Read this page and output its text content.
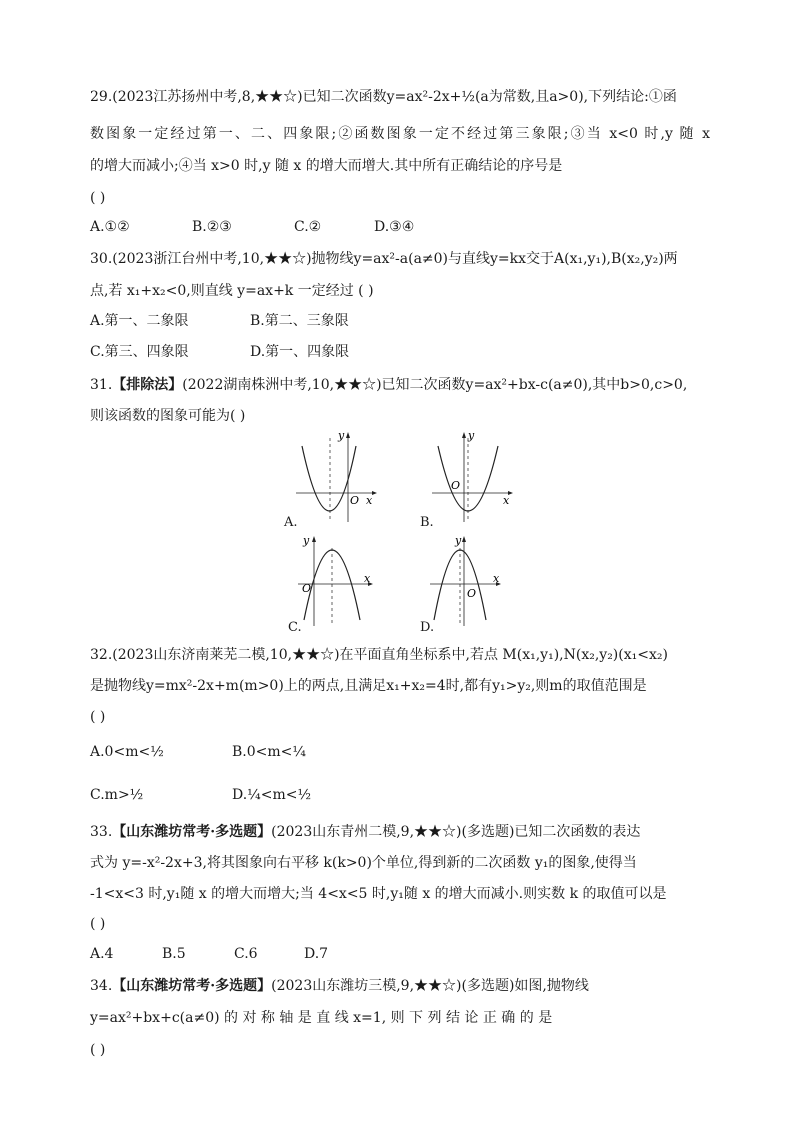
29.(2023江苏扬州中考,8,★★☆)已知二次函数y=ax²-2x+½(a为常数,且a>0),下列结论:①函
数图象一定经过第一、二、四象限;②函数图象一定不经过第三象限;③当 x<0 时,y 随 x
的增大而减小;④当 x>0 时,y 随 x 的增大而增大.其中所有正确结论的序号是
( )
A.①②	B.②③	C.②	D.③④
30.(2023浙江台州中考,10,★★☆)抛物线y=ax²-a(a≠0)与直线y=kx交于A(x₁,y₁),B(x₂,y₂)两
点,若 x₁+x₂<0,则直线 y=ax+k 一定经过 ( )
A.第一、二象限	B.第二、三象限
C.第三、四象限	D.第一、四象限
31.【排除法】(2022湖南株洲中考,10,★★☆)已知二次函数y=ax²+bx-c(a≠0),其中b>0,c>0,
则该函数的图象可能为( )
y
x
O
A.
y
x
O
B.
y
x
O
C.
y
x
O
D.
32.(2023山东济南莱芜二模,10,★★☆)在平面直角坐标系中,若点 M(x₁,y₁),N(x₂,y₂)(x₁<x₂)
是抛物线y=mx²-2x+m(m>0)上的两点,且满足x₁+x₂=4时,都有y₁>y₂,则m的取值范围是
( )
A.0<m<½	B.0<m<¼
C.m>½	D.¼<m<½
33.【山东潍坊常考·多选题】(2023山东青州二模,9,★★☆)(多选题)已知二次函数的表达
式为 y=-x²-2x+3,将其图象向右平移 k(k>0)个单位,得到新的二次函数 y₁的图象,使得当
-1<x<3 时,y₁随 x 的增大而增大;当 4<x<5 时,y₁随 x 的增大而减小.则实数 k 的取值可以是
( )
A.4	B.5	C.6	D.7
34.【山东潍坊常考·多选题】(2023山东潍坊三模,9,★★☆)(多选题)如图,抛物线
y=ax²+bx+c(a≠0) 的 对 称 轴 是 直 线 x=1, 则 下 列 结 论 正 确 的 是
( )
